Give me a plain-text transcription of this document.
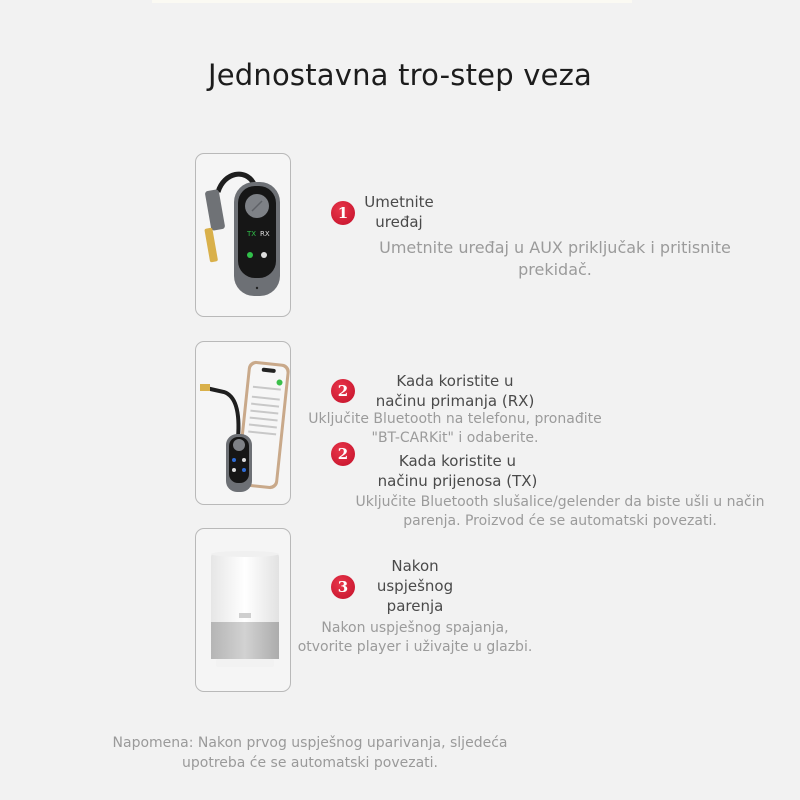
Jednostavna tro-step veza
TX RX
1
Umetnite
uređaj
Umetnite uređaj u AUX priključak i pritisnite
prekidač.
2
Kada koristite u
načinu primanja (RX)
Uključite Bluetooth na telefonu, pronađite
"BT-CARKit" i odaberite.
2	Kada koristite u
načinu prijenosa (TX)
Uključite Bluetooth slušalice/gelender da biste ušli u način
parenja. Proizvod će se automatski povezati.
3
Nakon
uspješnog
parenja
Nakon uspješnog spajanja,
otvorite player i uživajte u glazbi.
Napomena: Nakon prvog uspješnog uparivanja, sljedeća
upotreba će se automatski povezati.
